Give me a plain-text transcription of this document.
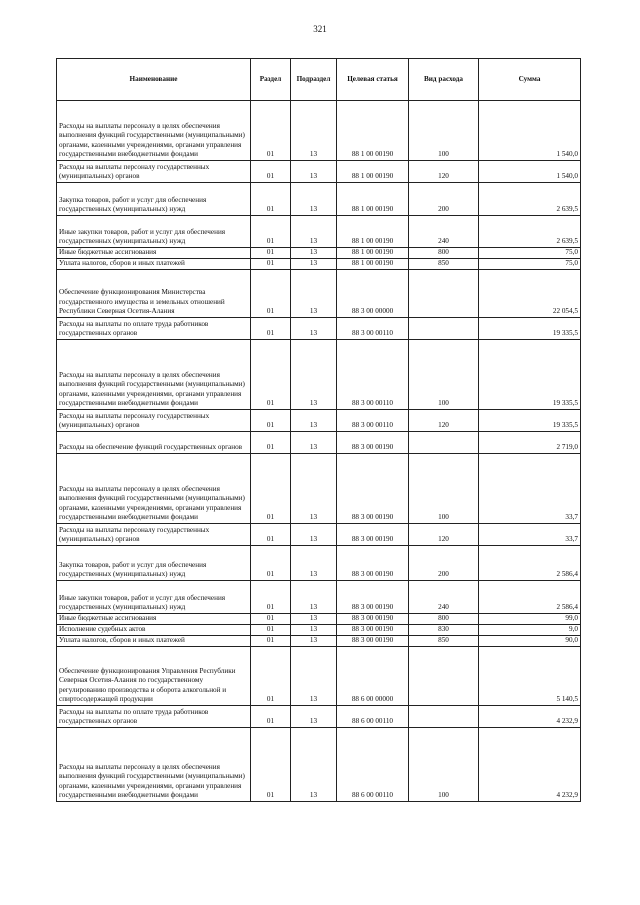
321
Наименование	Раздел	Подраздел	Целевая статья	Вид расхода	Сумма
Расходы на выплаты персоналу в целях обеспечения выполнения функций государственными (муниципальными) органами, казенными учреждениями, органами управления государственными внебюджетными фондами	01	13	88 1 00 00190	100	1 540,0
Расходы на выплаты персоналу государственных (муниципальных) органов	01	13	88 1 00 00190	120	1 540,0
Закупка товаров, работ и услуг для обеспечения государственных (муниципальных) нужд	01	13	88 1 00 00190	200	2 639,5
Иные закупки товаров, работ и услуг для обеспечения государственных (муниципальных) нужд	01	13	88 1 00 00190	240	2 639,5
Иные бюджетные ассигнования	01	13	88 1 00 00190	800	75,0
Уплата налогов, сборов и иных платежей	01	13	88 1 00 00190	850	75,0
Обеспечение функционирования Министерства государственного имущества и земельных отношений Республики Северная Осетия-Алания	01	13	88 3 00 00000		22 054,5
Расходы на выплаты по оплате труда работников государственных органов	01	13	88 3 00 00110		19 335,5
Расходы на выплаты персоналу в целях обеспечения выполнения функций государственными (муниципальными) органами, казенными учреждениями, органами управления государственными внебюджетными фондами	01	13	88 3 00 00110	100	19 335,5
Расходы на выплаты персоналу государственных (муниципальных) органов	01	13	88 3 00 00110	120	19 335,5
Расходы на обеспечение функций государственных органов	01	13	88 3 00 00190		2 719,0
Расходы на выплаты персоналу в целях обеспечения выполнения функций государственными (муниципальными) органами, казенными учреждениями, органами управления государственными внебюджетными фондами	01	13	88 3 00 00190	100	33,7
Расходы на выплаты персоналу государственных (муниципальных) органов	01	13	88 3 00 00190	120	33,7
Закупка товаров, работ и услуг для обеспечения государственных (муниципальных) нужд	01	13	88 3 00 00190	200	2 586,4
Иные закупки товаров, работ и услуг для обеспечения государственных (муниципальных) нужд	01	13	88 3 00 00190	240	2 586,4
Иные бюджетные ассигнования	01	13	88 3 00 00190	800	99,0
Исполнение судебных актов	01	13	88 3 00 00190	830	9,0
Уплата налогов, сборов и иных платежей	01	13	88 3 00 00190	850	90,0
Обеспечение функционирования Управления Республики Северная Осетия-Алания по государственному регулированию производства и оборота алкогольной и спиртосодержащей продукции	01	13	88 6 00 00000		5 140,5
Расходы на выплаты по оплате труда работников государственных органов	01	13	88 6 00 00110		4 232,9
Расходы на выплаты персоналу в целях обеспечения выполнения функций государственными (муниципальными) органами, казенными учреждениями, органами управления государственными внебюджетными фондами	01	13	88 6 00 00110	100	4 232,9
